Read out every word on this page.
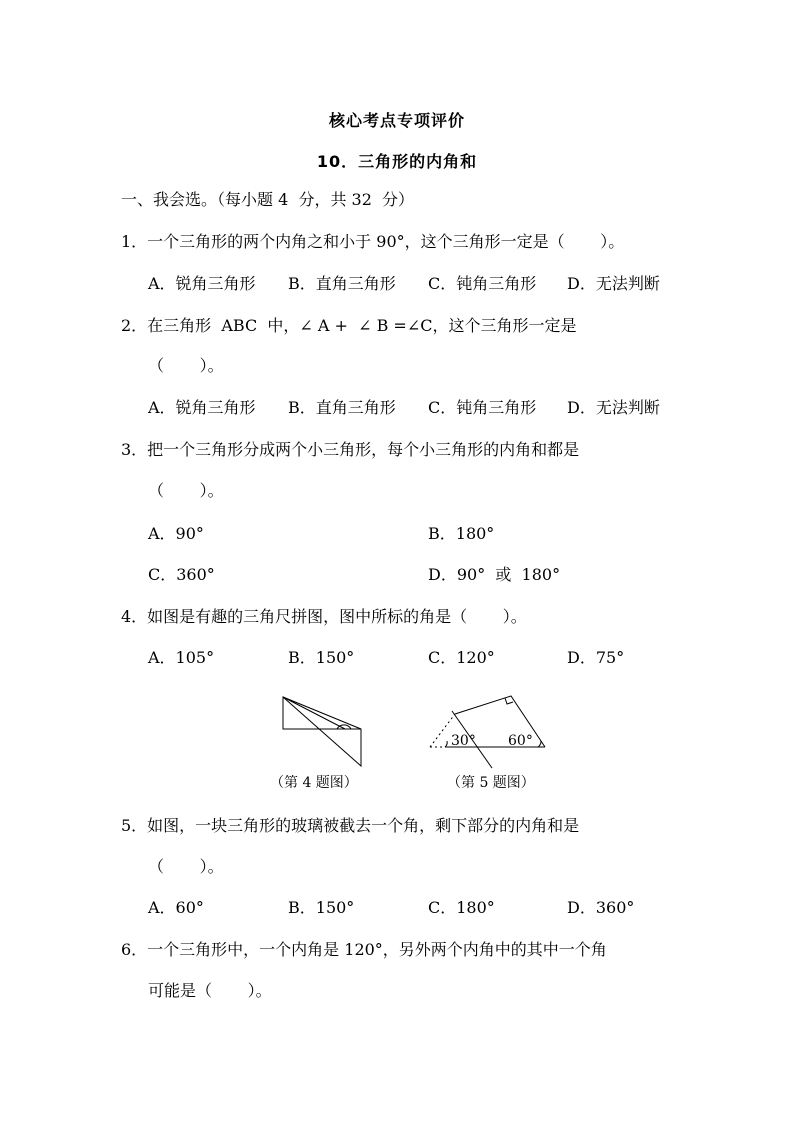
核心考点专项评价
10．三角形的内角和
一、我会选。（每小题 4  分，共 32  分）
1．一个三角形的两个内角之和小于 90°，这个三角形一定是（       ）。
A．锐角三角形 B．直角三角形 C．钝角三角形 D．无法判断
2．在三角形  ABC  中，∠ A +  ∠ B =∠C，这个三角形一定是
（       ）。
A．锐角三角形 B．直角三角形 C．钝角三角形 D．无法判断
3．把一个三角形分成两个小三角形，每个小三角形的内角和都是
（       ）。
A．90°	B．180°
C．360°	D．90°  或  180°
4．如图是有趣的三角尺拼图，图中所标的角是（       ）。
A．105°	B．150°	C．120°	D．75°
30° 60°
（第 4 题图）	（第 5 题图）
5．如图，一块三角形的玻璃被截去一个角，剩下部分的内角和是
（       ）。
A．60°	B．150°	C．180°	D．360°
6．一个三角形中，一个内角是 120°，另外两个内角中的其中一个角
可能是（       ）。
